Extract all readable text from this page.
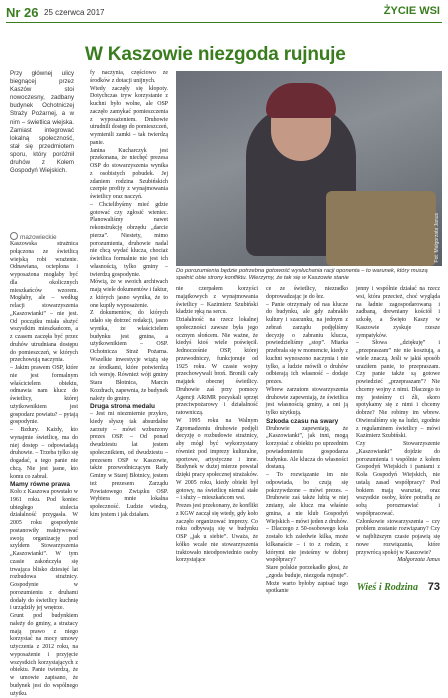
Nr 26 25 czerwca 2017	ŻYCIE WSI
W Kaszowie niezgoda rujnuje
Przy głównej ulicy biegnącej przez Kaszów stoi nowoczesny, zadbany budynek Ochotniczej Straży Pożarnej, a w nim – świetlica wiejska. Zamiast integrować lokalną społeczność, stał się przedmiotem sporu, który poróżnił druhów z Kołem Gospodyń Wiejskich.
mazowieckie

Kaszowska strażnica połączona ze świetlicą wiejską robi wrażenie. Odnawiana, ocieplona i wyposażona mogłaby być dla okolicznych mieszkańców wzorem. Mogłaby, ale – według relacji stowarzyszenia „Kaszowianki” – nie jest. Od początku miała służyć wszystkim mieszkańcom, a z czasem zaczęła być przez druhów utrudniana dostępu do pomieszczeń, w których przechowują naczynia.

– Jakim prawem OSP, które nie jest formalnym właścicielem obiektu, odmawia nam klucz do świetlicy, której użytkownikiem jest gospodarz powiatu? – pytają gospodynie.

– Bzdury. Każdy, kto wynajmie świetlicę, ma do niej dostęp – odpowiadają druhowie. – Trzeba tylko się dogadać, a tego panie nie chcą. Nie jest jasne, kto komu co zabrał.

Mamy równe prawa

Koło z Kaszowa powstało w 1961 roku. Pod koniec ubiegłego stulecia działalność przygasła. W 2005 roku gospodynie postanowiły reaktywować swoją organizację pod szyldem Stowarzyszenia „Kaszowianki”. W tym czasie zakończyła się trwająca blisko dziesięć lat rozbudowa strażnicy. Gospodynie w porozumieniu z druhami dodały do świetlicy kuchnię i urządziły jej wnętrze.

Grunt pod budynkiem należy do gminy, a strażacy mają prawo z niego korzystać na mocy umowy użyczenia z 2012 roku, na wyposażenie i przyjęcie wszystkich korzystających z obiektu. Panie twierdzą, że w umowie zapisano, że budynek jest do wspólnego użytku.

fy naczynia, częściowo ze środków z dotacji unijnych.

Wtedy zaczęły się kłopoty. Dotychczas tryw korzystanie z kuchni było wolne, ale OSP zaczęło zamykać pomieszczenia z wyposażeniem. Druhowie utrudnili dostęp do pomieszczeń, wymienili zamki – tak twierdzą panie.

Janina Kucharczyk jest przekonana, że niechęć prezesa OSP do stowarzyszenia wynika z osobistych pobudek. Jej zdaniem rodzina Szubińskich czerpie profity z wynajmowania świetlicy oraz naczyń.

– Chcielibyśmy mieć gdzie gotować czy zgłosić wieniec. Planowaliśmy nawet rekonstrukcję obrzędu „darcie pierza”. Niestety, mimo porozumienia, druhowie nadal nie chcą wydać klucza, chociaż świetlica formalnie nie jest ich własnością, tylko gminy – twierdzą gospodynie.

Mówią, że w swoich archiwach mają wiele dokumentów i faktur, z których jasno wynika, że to one kupiły wyposażenie.

Z dokumentów, do których udało się dotrzeć redakcji, jasno wynika, że właścicielem budynku jest gmina, a użytkownikiem – OSP. Ochotnicza Straż Pożarna. Wszelkie inwestycje wiążą się ze środkami, które potwierdzą ich wersję. Również wójt gminy Stara Błotnica, Marcin Kozdrach, zapewnia, że budynek należy do gminy.

Druga strona medalu

– Jest mi niezmiernie przykro, kiedy słyszę tak absurdalne zarzuty – mówi wzburzony prezes OSP. – Od ponad dwudziestu lat jestem społecznikiem, od dwudziestu – prezesem OSP w Kaszowie, także przewodniczącym Rady Gminy w Starej Błotnicy, jestem też prezesem Zarządu Powiatowego Związku OSP. Wybiera mnie lokalna społeczność. Ludzie wiedzą, kim jestem i jak działam.

nie czerpałem korzyści majątkowych z wynajmowania świetlicy – Kazimierz Szubiński kładzie ręką na sercu.

Działalność na rzecz lokalnej społeczności zawsze była jego ocznym słońcem. Nie ważne, że kiedyś ktoś wiele poświęcił. Jednocześnie OSP, której przewodniczy, funkcjonuje od 1925 roku. W czasie wojny przechowywali broń. Bronili cały majątek obecnej świetlicy. Druhowie zaś przy pomocy Agencji ARiMR pozyskali sprzęt przeciwpożarowy i działalność ratowniczą.

W 1995 roku na Walnym Zgromadzeniu druhowie podjęli decyzję o rozbudowie strażnicy, aby mógł być wykorzystany również pod imprezy kulturalne, sportowe, artystyczne i inne. Budynek w dużej mierze powstał dzięki pracy społecznej strażaków. W 2005 roku, kiedy obiekt był gotowy, na świetlicę niemal stałe – i służy – mieszkańcom wsi.

Prezes jest przekonany, że konflikt z KGW zaczął się wtedy, gdy koło zaczęło organizować imprezy. Co roku odbywają się w budynku OSP „jak u siebie”. Uważa, że kółko wcale nie stowarzyszenia traktowało nieodpowiednio osoby korzystające

ce ze świetlicy, niezradko doprowadzając je do łez.

– Panie otrzymały od nas klucze do budynku, ale gdy zabrakło kultury i szacunku, na jednym z zebrań zarządu podjęliśmy decyzję o zabraniu klucza, powiedzieliśmy „stop”. Miarka przebrała się w momencie, kiedy z kuchni wynoszono naczynia i nie tylko, a ludzie mówili o druhów odbierają ich własność – dodaje prezes.

Wbrew zarzutom stowarzyszenia druhowie zapewniają, że świetlica jest własnością gminy, a oni ją tylko użytkują.

Szkoda czasu na swary

Druhowie zapewniają, że „Kaszowianki”, jak inni, mogą korzystać z obiektu po uprzednim powiadomieniu gospodarza budynku. Ale klucza do własności dostaną.

– To rozwiązanie im nie odpowiada, bo czują się pokrzywdzone – mówi prezes. – Druhowie zaś także lubią w niej zmiany, ale klucz ma właśnie gmina, a nie klub Gospodyń Wiejskich – mówi jeden z druhów. – Dlaczego z 50-osobowego koła zostało ich zaledwie kilka, może kilkanaście – i to z rodzin, z którymi nie jesteśmy w dobrej współpracy?

Stare polskie porzekadło głosi, że „zgoda buduje, niezgoda rujnuje”. Może warto byłoby zapisać tego spotkanie

jenny i wspólnie działać na rzecz wsi, która przecież, choć wygląda na ładnie zagospodarowaną i zadbaną, drewniany kościół i szkołę, a Święto Kaszy w Kaszowie zyskuje rzesze sympatyków.

– Słowa „dziękuję” i „przepraszam” nie nie kosztują, a wiele znaczą. Jeśli w jakiś sposób uraziłem panie, to przepraszam. Czy panie także są gotowe powiedzieć „przepraszam”? Nie chcemy wojny z nimi. Dlaczego to my jesteśmy ci źli, skoro spotykamy się z nimi i chcemy dobrze? Nie robimy im wbrew. Otwieraliśmy się na ludzi, zgodnie z regulaminem świetlicy – mówi Kazimierz Szubiński.

Czy Stowarzyszenie „Kaszowianki” dojdzie do porozumienia i wspólnie z kołem Gospodyń Wiejskich i paniami z Koła Gospodyń Wiejskich, nie ustalą zasad współpracy? Pod bokiem mają warsztat, oraz wszystkie osoby, które potrafią ze sobą porozmawiać i współpracować.

Członkowie stowarzyszenia – czy problem zostanie rozwiązany? Czy w najbliższym czasie pojawią się nowe rozwiązania, które przywrócą spokój w Kaszowie?

Małgorzata Janus

Fot. Małgorzata Janus
Do porozumienia będzie potrzebna gotowość wysłuchania racji oponenta – to warunek, który muszą spełnić obie strony konfliktu. Wierzymy, że tak się w Kaszowie stanie
Wieś i Rodzina 73
